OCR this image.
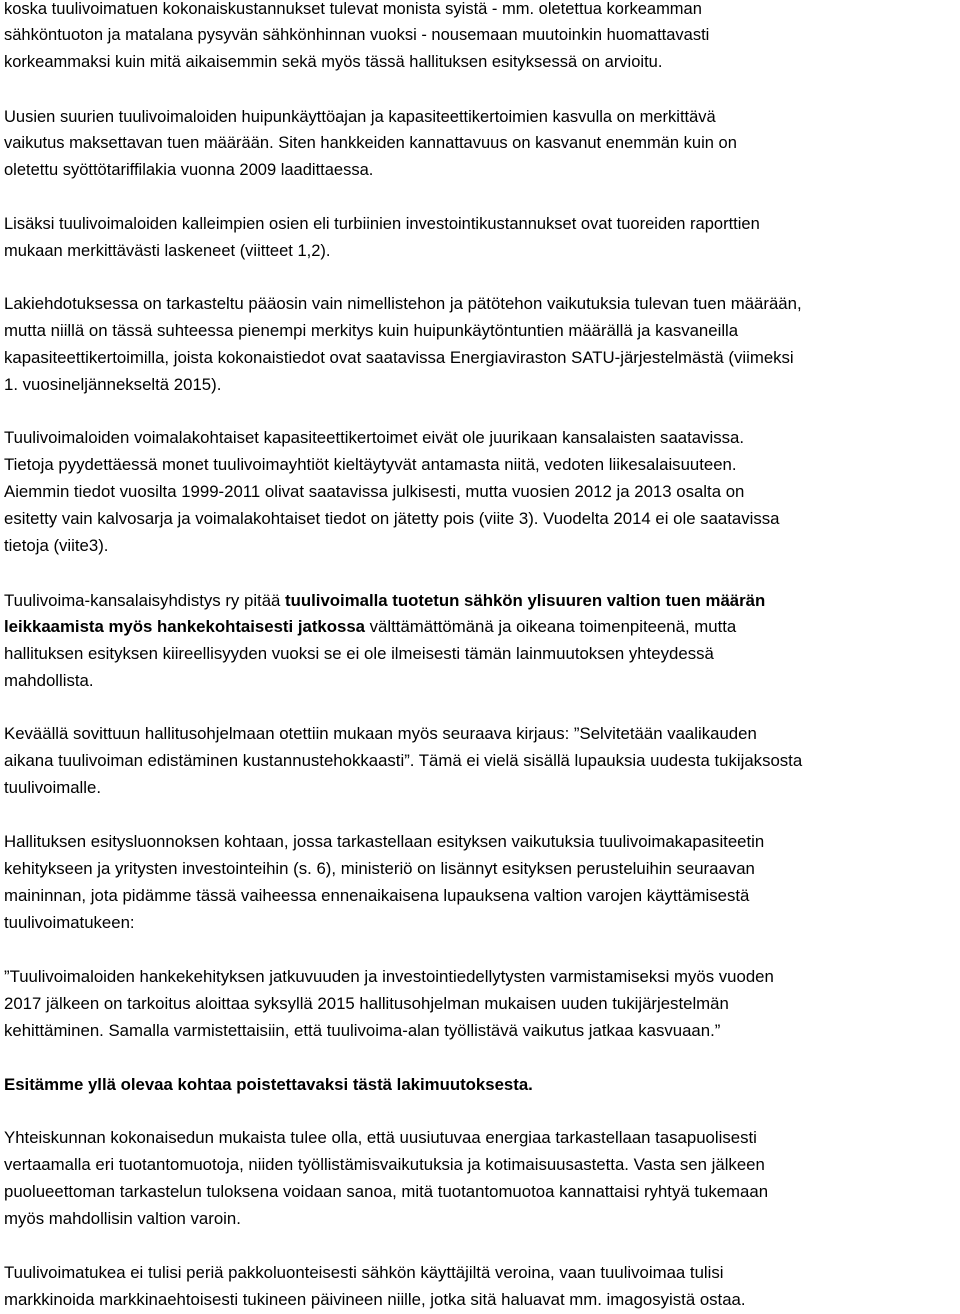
koska tuulivoimatuen kokonaiskustannukset tulevat monista syistä - mm. oletettua korkeamman
sähköntuoton ja matalana pysyvän sähkönhinnan vuoksi - nousemaan muutoinkin huomattavasti
korkeammaksi kuin mitä aikaisemmin sekä myös tässä hallituksen esityksessä on arvioitu.
Uusien suurien tuulivoimaloiden huipunkäyttöajan ja kapasiteettikertoimien kasvulla on merkittävä
vaikutus maksettavan tuen määrään. Siten hankkeiden kannattavuus on kasvanut enemmän kuin on
oletettu syöttötariffilakia vuonna 2009 laadittaessa.
Lisäksi tuulivoimaloiden kalleimpien osien eli turbiinien investointikustannukset ovat tuoreiden raporttien
mukaan merkittävästi laskeneet (viitteet 1,2).
Lakiehdotuksessa on tarkasteltu pääosin vain nimellistehon ja pätötehon vaikutuksia tulevan tuen määrään,
mutta niillä on tässä suhteessa pienempi merkitys kuin huipunkäytöntuntien määrällä ja kasvaneilla
kapasiteettikertoimilla, joista kokonaistiedot ovat saatavissa Energiaviraston SATU-järjestelmästä (viimeksi
1. vuosineljännekseltä 2015).
Tuulivoimaloiden voimalakohtaiset kapasiteettikertoimet eivät ole juurikaan kansalaisten saatavissa.
Tietoja pyydettäessä monet tuulivoimayhtiöt kieltäytyvät antamasta niitä, vedoten liikesalaisuuteen.
Aiemmin tiedot vuosilta 1999-2011 olivat saatavissa julkisesti, mutta vuosien 2012 ja 2013 osalta on
esitetty vain kalvosarja ja voimalakohtaiset tiedot on jätetty pois (viite 3). Vuodelta 2014 ei ole saatavissa
tietoja (viite3).
Tuulivoima-kansalaisyhdistys ry pitää tuulivoimalla tuotetun sähkön ylisuuren valtion tuen määrän
leikkaamista myös hankekohtaisesti jatkossa välttämättömänä ja oikeana toimenpiteenä, mutta
hallituksen esityksen kiireellisyyden vuoksi se ei ole ilmeisesti tämän lainmuutoksen yhteydessä
mahdollista.
Keväällä sovittuun hallitusohjelmaan otettiin mukaan myös seuraava kirjaus: ”Selvitetään vaalikauden
aikana tuulivoiman edistäminen kustannustehokkaasti”. Tämä ei vielä sisällä lupauksia uudesta tukijaksosta
tuulivoimalle.
Hallituksen esitysluonnoksen kohtaan, jossa tarkastellaan esityksen vaikutuksia tuulivoimakapasiteetin
kehitykseen ja yritysten investointeihin (s. 6), ministeriö on lisännyt esityksen perusteluihin seuraavan
maininnan, jota pidämme tässä vaiheessa ennenaikaisena lupauksena valtion varojen käyttämisestä
tuulivoimatukeen:
”Tuulivoimaloiden hankekehityksen jatkuvuuden ja investointiedellytysten varmistamiseksi myös vuoden
2017 jälkeen on tarkoitus aloittaa syksyllä 2015 hallitusohjelman mukaisen uuden tukijärjestelmän
kehittäminen. Samalla varmistettaisiin, että tuulivoima-alan työllistävä vaikutus jatkaa kasvuaan.”
Esitämme yllä olevaa kohtaa poistettavaksi tästä lakimuutoksesta.
Yhteiskunnan kokonaisedun mukaista tulee olla, että uusiutuvaa energiaa tarkastellaan tasapuolisesti
vertaamalla eri tuotantomuotoja, niiden työllistämisvaikutuksia ja kotimaisuusastetta. Vasta sen jälkeen
puolueettoman tarkastelun tuloksena voidaan sanoa, mitä tuotantomuotoa kannattaisi ryhtyä tukemaan
myös mahdollisin valtion varoin.
Tuulivoimatukea ei tulisi periä pakkoluonteisesti sähkön käyttäjiltä veroina, vaan tuulivoimaa tulisi
markkinoida markkinaehtoisesti tukineen päivineen niille, jotka sitä haluavat mm. imagosyistä ostaa.
